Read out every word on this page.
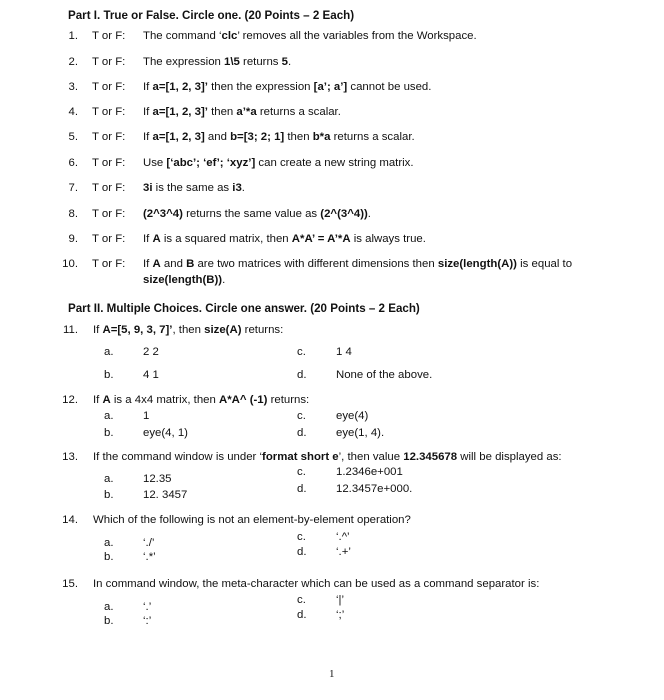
Part I. True or False. Circle one. (20 Points – 2 Each)
1. T or F: The command ‘clc’ removes all the variables from the Workspace.
2. T or F: The expression 1\5 returns 5.
3. T or F: If a=[1, 2, 3]’ then the expression [a’; a’] cannot be used.
4. T or F: If a=[1, 2, 3]’ then a’*a returns a scalar.
5. T or F: If a=[1, 2, 3] and b=[3; 2; 1] then b*a returns a scalar.
6. T or F: Use [‘abc’; ‘ef’; ‘xyz’] can create a new string matrix.
7. T or F: 3i is the same as i3.
8. T or F: (2^3^4) returns the same value as (2^(3^4)).
9. T or F: If A is a squared matrix, then A*A’ = A’*A is always true.
10. T or F: If A and B are two matrices with different dimensions then size(length(A)) is equal to
size(length(B)).
Part II. Multiple Choices. Circle one answer. (20 Points – 2 Each)
11. If A=[5, 9, 3, 7]’, then size(A) returns:
a.	2 2
b.	4 1
c.	1 4
d.	None of the above.
12. If A is a 4x4 matrix, then A*A^ (-1) returns:
a.	1
b.	eye(4, 1)
c.	eye(4)
d.	eye(1, 4).
13. If the command window is under ‘format short e’, then value 12.345678 will be displayed as:
a.	12.35
b.	12. 3457
c.	1.2346e+001
d.	12.3457e+000.
14. Which of the following is not an element-by-element operation?
a.	‘./’
b.	‘.*’
c.	‘.^’
d.	‘.+’
15. In command window, the meta-character which can be used as a command separator is:
a.	‘.’
b.	‘:’
c.	‘|’
d.	‘;’
1
